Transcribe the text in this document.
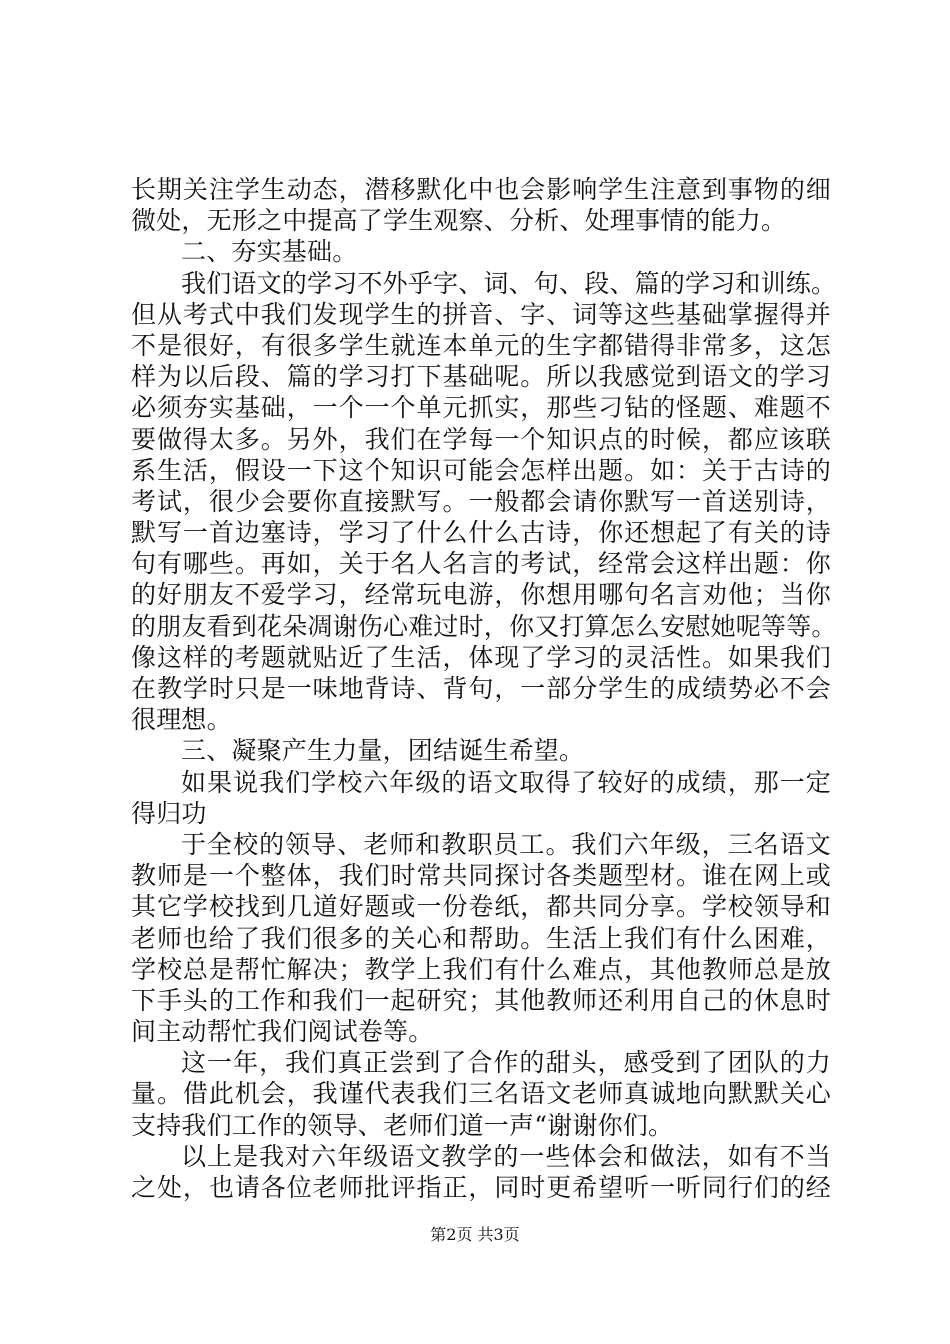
长期关注学生动态，潜移默化中也会影响学生注意到事物的细
微处，无形之中提高了学生观察、分析、处理事情的能力。
二、夯实基础。
我们语文的学习不外乎字、词、句、段、篇的学习和训练。
但从考式中我们发现学生的拼音、字、词等这些基础掌握得并
不是很好，有很多学生就连本单元的生字都错得非常多，这怎
样为以后段、篇的学习打下基础呢。所以我感觉到语文的学习
必须夯实基础，一个一个单元抓实，那些刁钻的怪题、难题不
要做得太多。另外，我们在学每一个知识点的时候，都应该联
系生活，假设一下这个知识可能会怎样出题。如：关于古诗的
考试，很少会要你直接默写。一般都会请你默写一首送别诗，
默写一首边塞诗，学习了什么什么古诗，你还想起了有关的诗
句有哪些。再如，关于名人名言的考试，经常会这样出题：你
的好朋友不爱学习，经常玩电游，你想用哪句名言劝他；当你
的朋友看到花朵凋谢伤心难过时，你又打算怎么安慰她呢等等。
像这样的考题就贴近了生活，体现了学习的灵活性。如果我们
在教学时只是一味地背诗、背句，一部分学生的成绩势必不会
很理想。
三、凝聚产生力量，团结诞生希望。
如果说我们学校六年级的语文取得了较好的成绩，那一定
得归功
于全校的领导、老师和教职员工。我们六年级，三名语文
教师是一个整体，我们时常共同探讨各类题型材。谁在网上或
其它学校找到几道好题或一份卷纸，都共同分享。学校领导和
老师也给了我们很多的关心和帮助。生活上我们有什么困难，
学校总是帮忙解决；教学上我们有什么难点，其他教师总是放
下手头的工作和我们一起研究；其他教师还利用自己的休息时
间主动帮忙我们阅试卷等。
这一年，我们真正尝到了合作的甜头，感受到了团队的力
量。借此机会，我谨代表我们三名语文老师真诚地向默默关心
支持我们工作的领导、老师们道一声“谢谢你们。
以上是我对六年级语文教学的一些体会和做法，如有不当
之处，也请各位老师批评指正，同时更希望听一听同行们的经
第2页 共3页
